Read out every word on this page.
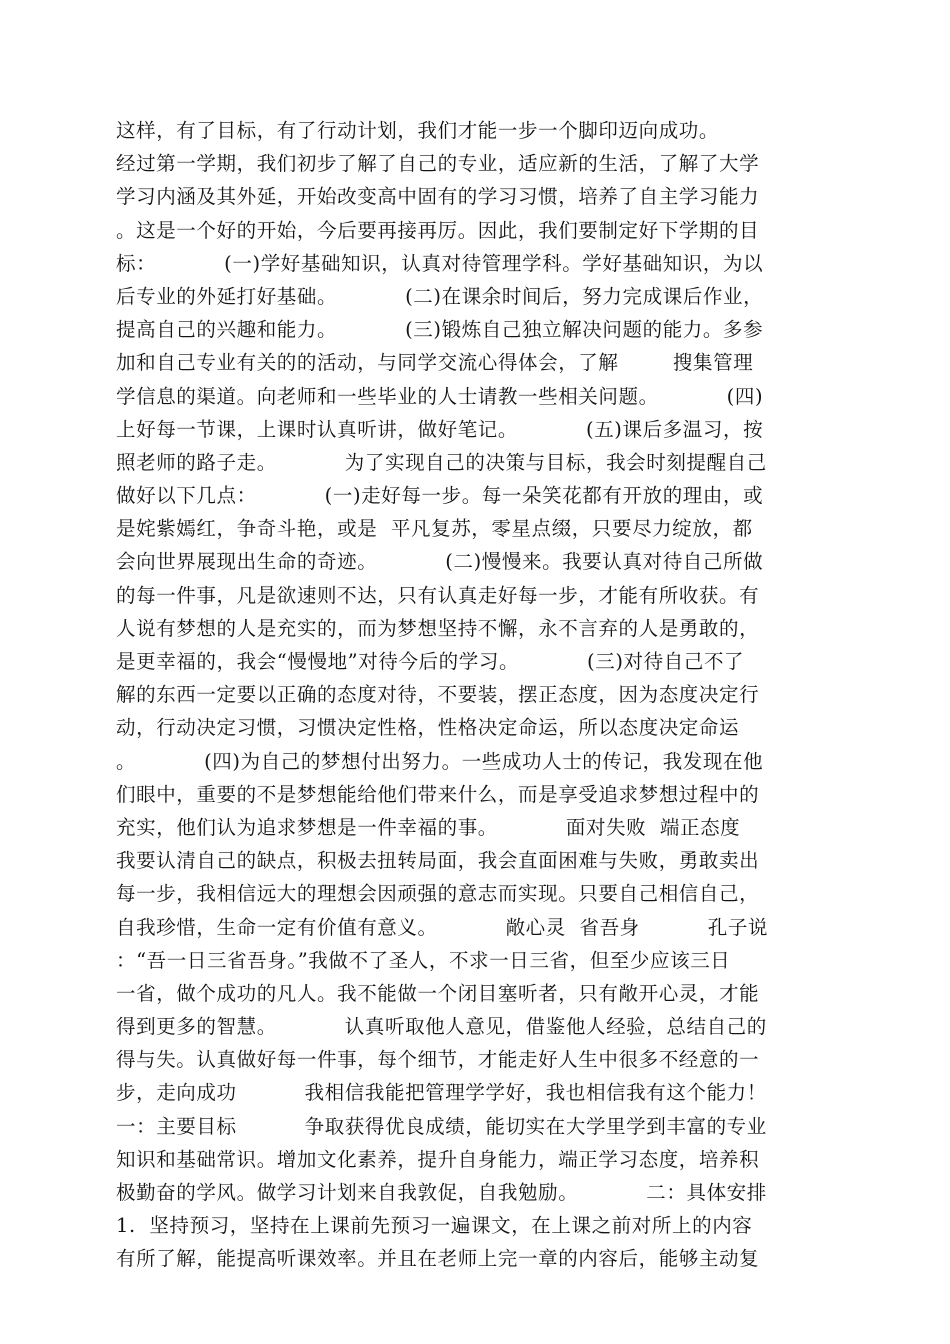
这样，有了目标，有了行动计划，我们才能一步一个脚印迈向成功。
经过第一学期，我们初步了解了自己的专业，适应新的生活，了解了大学
学习内涵及其外延，开始改变高中固有的学习习惯，培养了自主学习能力
。这是一个好的开始，今后要再接再厉。因此，我们要制定好下学期的目
标：          (一)学好基础知识，认真对待管理学科。学好基础知识，为以
后专业的外延打好基础。          (二)在课余时间后，努力完成课后作业，
提高自己的兴趣和能力。          (三)锻炼自己独立解决问题的能力。多参
加和自己专业有关的的活动，与同学交流心得体会，了解        搜集管理
学信息的渠道。向老师和一些毕业的人士请教一些相关问题。          (四)
上好每一节课，上课时认真听讲，做好笔记。          (五)课后多温习，按
照老师的路子走。          为了实现自己的决策与目标，我会时刻提醒自己
做好以下几点：          (一)走好每一步。每一朵笑花都有开放的理由，或
是姹紫嫣红，争奇斗艳，或是  平凡复苏，零星点缀，只要尽力绽放，都
会向世界展现出生命的奇迹。          (二)慢慢来。我要认真对待自己所做
的每一件事，凡是欲速则不达，只有认真走好每一步，才能有所收获。有
人说有梦想的人是充实的，而为梦想坚持不懈，永不言弃的人是勇敢的，
是更幸福的，我会“慢慢地”对待今后的学习。          (三)对待自己不了
解的东西一定要以正确的态度对待，不要装，摆正态度，因为态度决定行
动，行动决定习惯，习惯决定性格，性格决定命运，所以态度决定命运
。          (四)为自己的梦想付出努力。一些成功人士的传记，我发现在他
们眼中，重要的不是梦想能给他们带来什么，而是享受追求梦想过程中的
充实，他们认为追求梦想是一件幸福的事。          面对失败  端正态度
我要认清自己的缺点，积极去扭转局面，我会直面困难与失败，勇敢卖出
每一步，我相信远大的理想会因顽强的意志而实现。只要自己相信自己，
自我珍惜，生命一定有价值有意义。          敞心灵  省吾身          孔子说
：“吾一日三省吾身。”我做不了圣人，不求一日三省，但至少应该三日
一省，做个成功的凡人。我不能做一个闭目塞听者，只有敞开心灵，才能
得到更多的智慧。          认真听取他人意见，借鉴他人经验，总结自己的
得与失。认真做好每一件事，每个细节，才能走好人生中很多不经意的一
步，走向成功          我相信我能把管理学学好，我也相信我有这个能力！
一：主要目标          争取获得优良成绩，能切实在大学里学到丰富的专业
知识和基础常识。增加文化素养，提升自身能力，端正学习态度，培养积
极勤奋的学风。做学习计划来自我敦促，自我勉励。          二：具体安排
1.  坚持预习，坚持在上课前先预习一遍课文，在上课之前对所上的内容
有所了解，能提高听课效率。并且在老师上完一章的内容后，能够主动复
